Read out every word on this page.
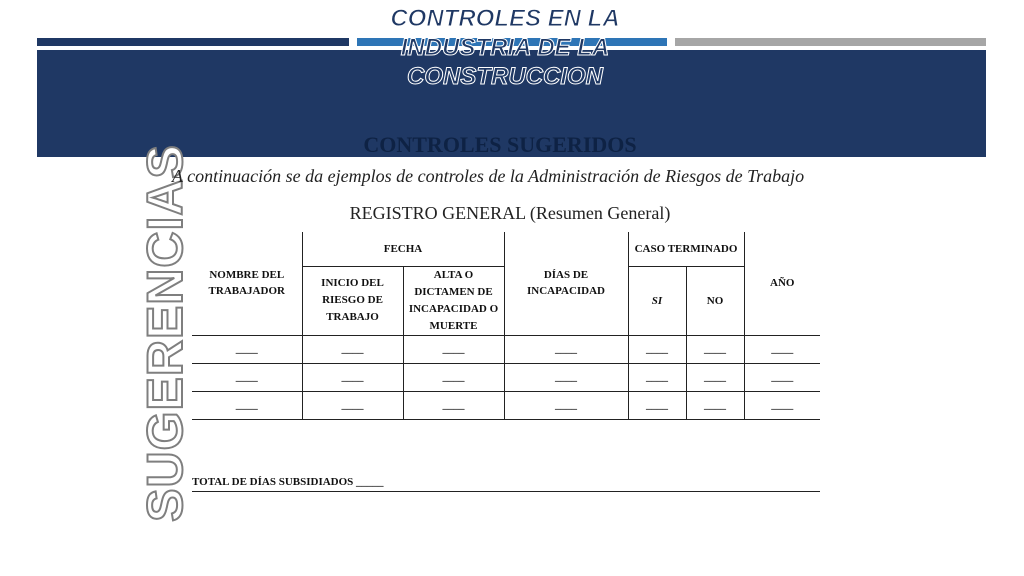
CONTROLES EN LA
INDUSTRIA DE LA
CONSTRUCCION
CONTROLES SUGERIDOS
SUGERENCIAS
A continuación se da ejemplos de controles de la Administración de Riesgos de Trabajo
REGISTRO GENERAL (Resumen General)
NOMBRE DEL TRABAJADOR	FECHA		DÍAS DE INCAPACIDAD	CASO TERMINADO		AÑO
	INICIO DEL RIESGO DE TRABAJO	ALTA O DICTAMEN DE INCAPACIDAD O MUERTE		SI	NO	
____	____	____	____	____	____	____
____	____	____	____	____	____	____
____	____	____	____	____	____	____
TOTAL DE DÍAS SUBSIDIADOS _____
